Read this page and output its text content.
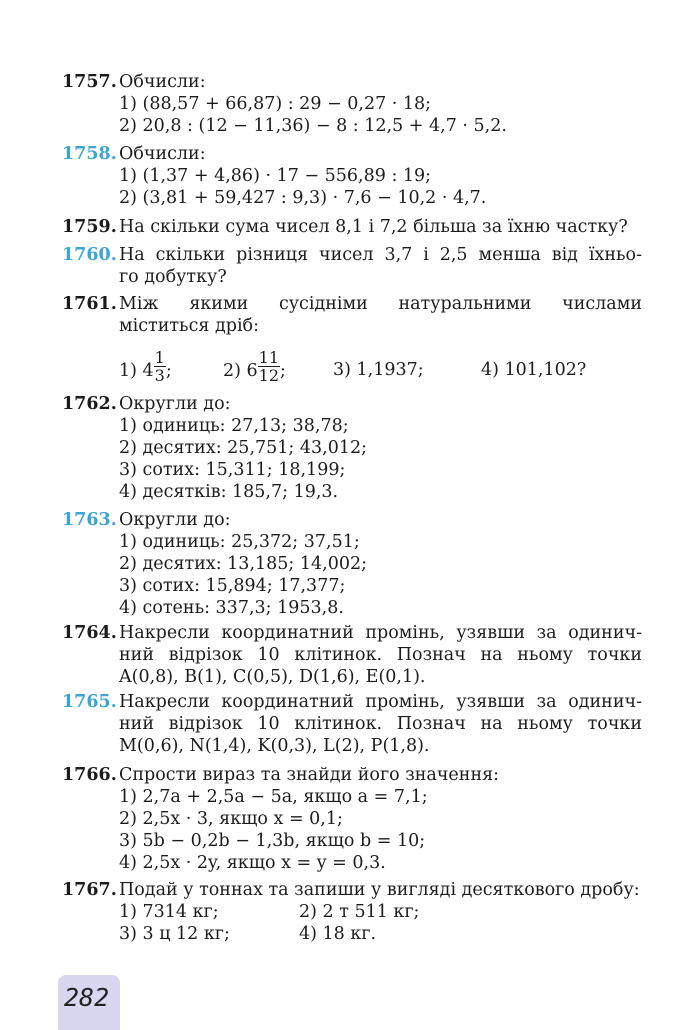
1757. Обчисли:
1) (88,57 + 66,87) : 29 − 0,27 · 18;
2) 20,8 : (12 − 11,36) − 8 : 12,5 + 4,7 · 5,2.
1758. Обчисли:
1) (1,37 + 4,86) · 17 − 556,89 : 19;
2) (3,81 + 59,427 : 9,3) · 7,6 − 10,2 · 4,7.
1759. На скільки сума чисел 8,1 і 7,2 більша за їхню частку?
1760. На скільки різниця чисел 3,7 і 2,5 менша від їхньо-
го добутку?
1761. Між якими сусідніми натуральними числами
міститься дріб:
1) $4 \frac{1}{3}$ ;	2) $6 \frac{11}{12}$ ;	3) 1,1937;	4) 101,102?
1762. Округли до:
1) одиниць: 27,13; 38,78;
2) десятих: 25,751; 43,012;
3) сотих: 15,311; 18,199;
4) десятків: 185,7; 19,3.
1763. Округли до:
1) одиниць: 25,372; 37,51;
2) десятих: 13,185; 14,002;
3) сотих: 15,894; 17,377;
4) сотень: 337,3; 1953,8.
1764. Накресли координатний промінь, узявши за одинич-
ний відрізок 10 клітинок. Познач на ньому точки
A(0,8), B(1), C(0,5), D(1,6), E(0,1).
1765. Накресли координатний промінь, узявши за одинич-
ний відрізок 10 клітинок. Познач на ньому точки
M(0,6), N(1,4), K(0,3), L(2), P(1,8).
1766. Спрости вираз та знайди його значення:
1) 2,7a + 2,5a − 5a, якщо a = 7,1;
2) 2,5x · 3, якщо x = 0,1;
3) 5b − 0,2b − 1,3b, якщо b = 10;
4) 2,5x · 2y, якщо x = y = 0,3.
1767. Подай у тоннах та запиши у вигляді десяткового дробу:
1) 7314 кг;	2) 2 т 511 кг;
3) 3 ц 12 кг;	4) 18 кг.
282
